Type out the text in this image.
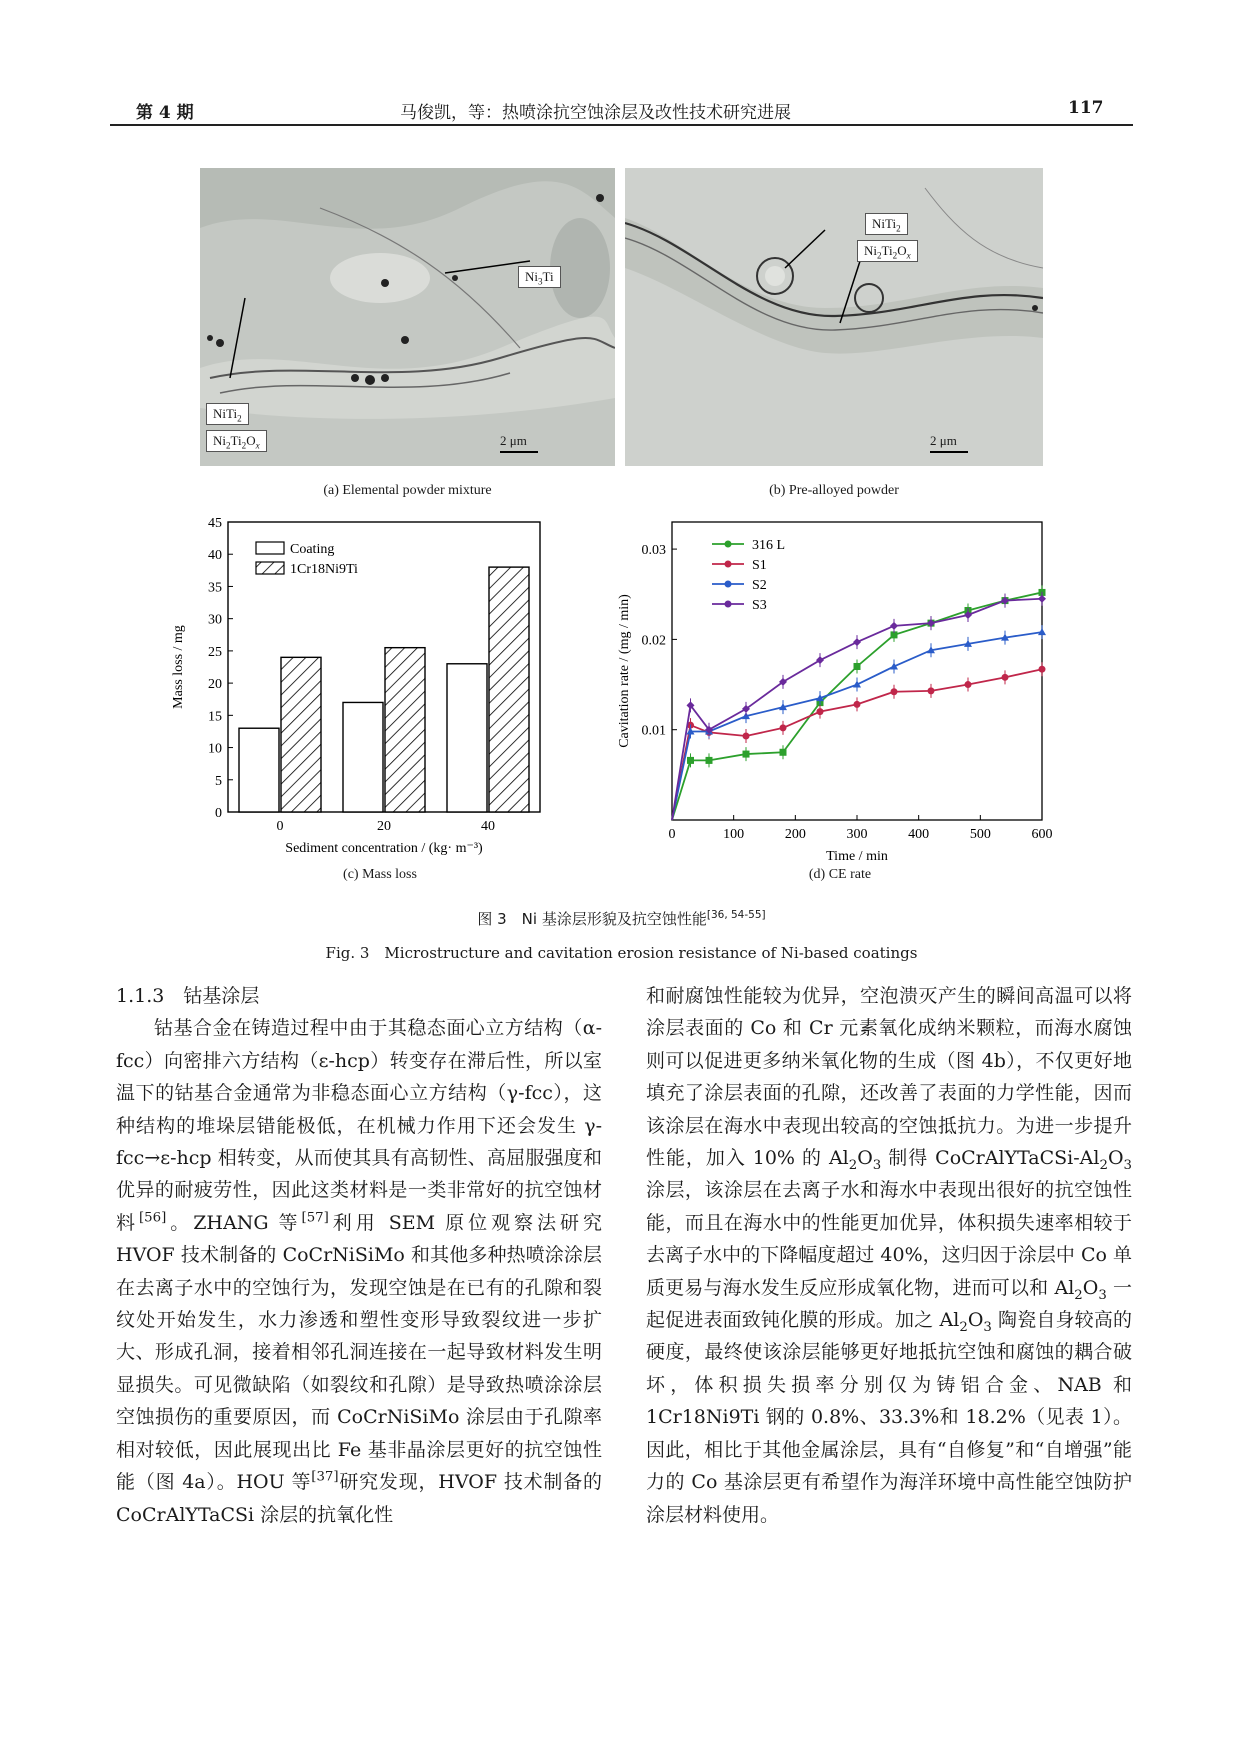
第 4 期	马俊凯，等：热喷涂抗空蚀涂层及改性技术研究进展	117
$Ni_3Ti$
NiTi$_2$
$Ni_2Ti_2O_x$	2 μm
(a) Elemental powder mixture
NiTi$_2$
$Ni_2Ti_2O_x$
2 μm
(b) Pre-alloyed powder
0
5
10
15
20
25
30
35
40
45
0	20	40
Coating
1Cr18Ni9Ti
Sediment concentration / (kg· m⁻³)
Mass loss / mg
(c) Mass loss
0	100	200	300	400	500	600
0.01
0.02
0.03	316 L
S1
S2
S3
Time / min
Cavitation rate / (mg / min)
(d) CE rate
图 3　Ni 基涂层形貌及抗空蚀性能[36, 54-55]
Fig. 3　Microstructure and cavitation erosion resistance of Ni-based coatings
1.1.3　钴基涂层

钴基合金在铸造过程中由于其稳态面心立方结构（α-fcc）向密排六方结构（ε-hcp）转变存在滞后性，所以室温下的钴基合金通常为非稳态面心立方结构（γ-fcc），这种结构的堆垛层错能极低，在机械力作用下还会发生 γ-fcc→ε-hcp 相转变，从而使其具有高韧性、高屈服强度和优异的耐疲劳性，因此这类材料是一类非常好的抗空蚀材料[56]。ZHANG 等[57]利用 SEM 原位观察法研究 HVOF 技术制备的 CoCrNiSiMo 和其他多种热喷涂涂层在去离子水中的空蚀行为，发现空蚀是在已有的孔隙和裂纹处开始发生，水力渗透和塑性变形导致裂纹进一步扩大、形成孔洞，接着相邻孔洞连接在一起导致材料发生明显损失。可见微缺陷（如裂纹和孔隙）是导致热喷涂涂层空蚀损伤的重要原因，而 CoCrNiSiMo 涂层由于孔隙率相对较低，因此展现出比 Fe 基非晶涂层更好的抗空蚀性能（图 4a）。HOU 等[37]研究发现，HVOF 技术制备的 CoCrAlYTaCSi 涂层的抗氧化性

和耐腐蚀性能较为优异，空泡溃灭产生的瞬间高温可以将涂层表面的 Co 和 Cr 元素氧化成纳米颗粒，而海水腐蚀则可以促进更多纳米氧化物的生成（图 4b），不仅更好地填充了涂层表面的孔隙，还改善了表面的力学性能，因而该涂层在海水中表现出较高的空蚀抵抗力。为进一步提升性能，加入 10% 的 $Al_2O_3$ 制得 CoCrAlYTaCSi-$Al_2O_3$ 涂层，该涂层在去离子水和海水中表现出很好的抗空蚀性能，而且在海水中的性能更加优异，体积损失速率相较于去离子水中的下降幅度超过 40%，这归因于涂层中 Co 单质更易与海水发生反应形成氧化物，进而可以和 $Al_2O_3$ 一起促进表面致钝化膜的形成。加之 $Al_2O_3$ 陶瓷自身较高的硬度，最终使该涂层能够更好地抵抗空蚀和腐蚀的耦合破坏，体积损失损率分别仅为铸铝合金、NAB 和 1Cr18Ni9Ti 钢的 0.8%、33.3%和 18.2%（见表 1）。因此，相比于其他金属涂层，具有“自修复”和“自增强”能力的 Co 基涂层更有希望作为海洋环境中高性能空蚀防护涂层材料使用。
